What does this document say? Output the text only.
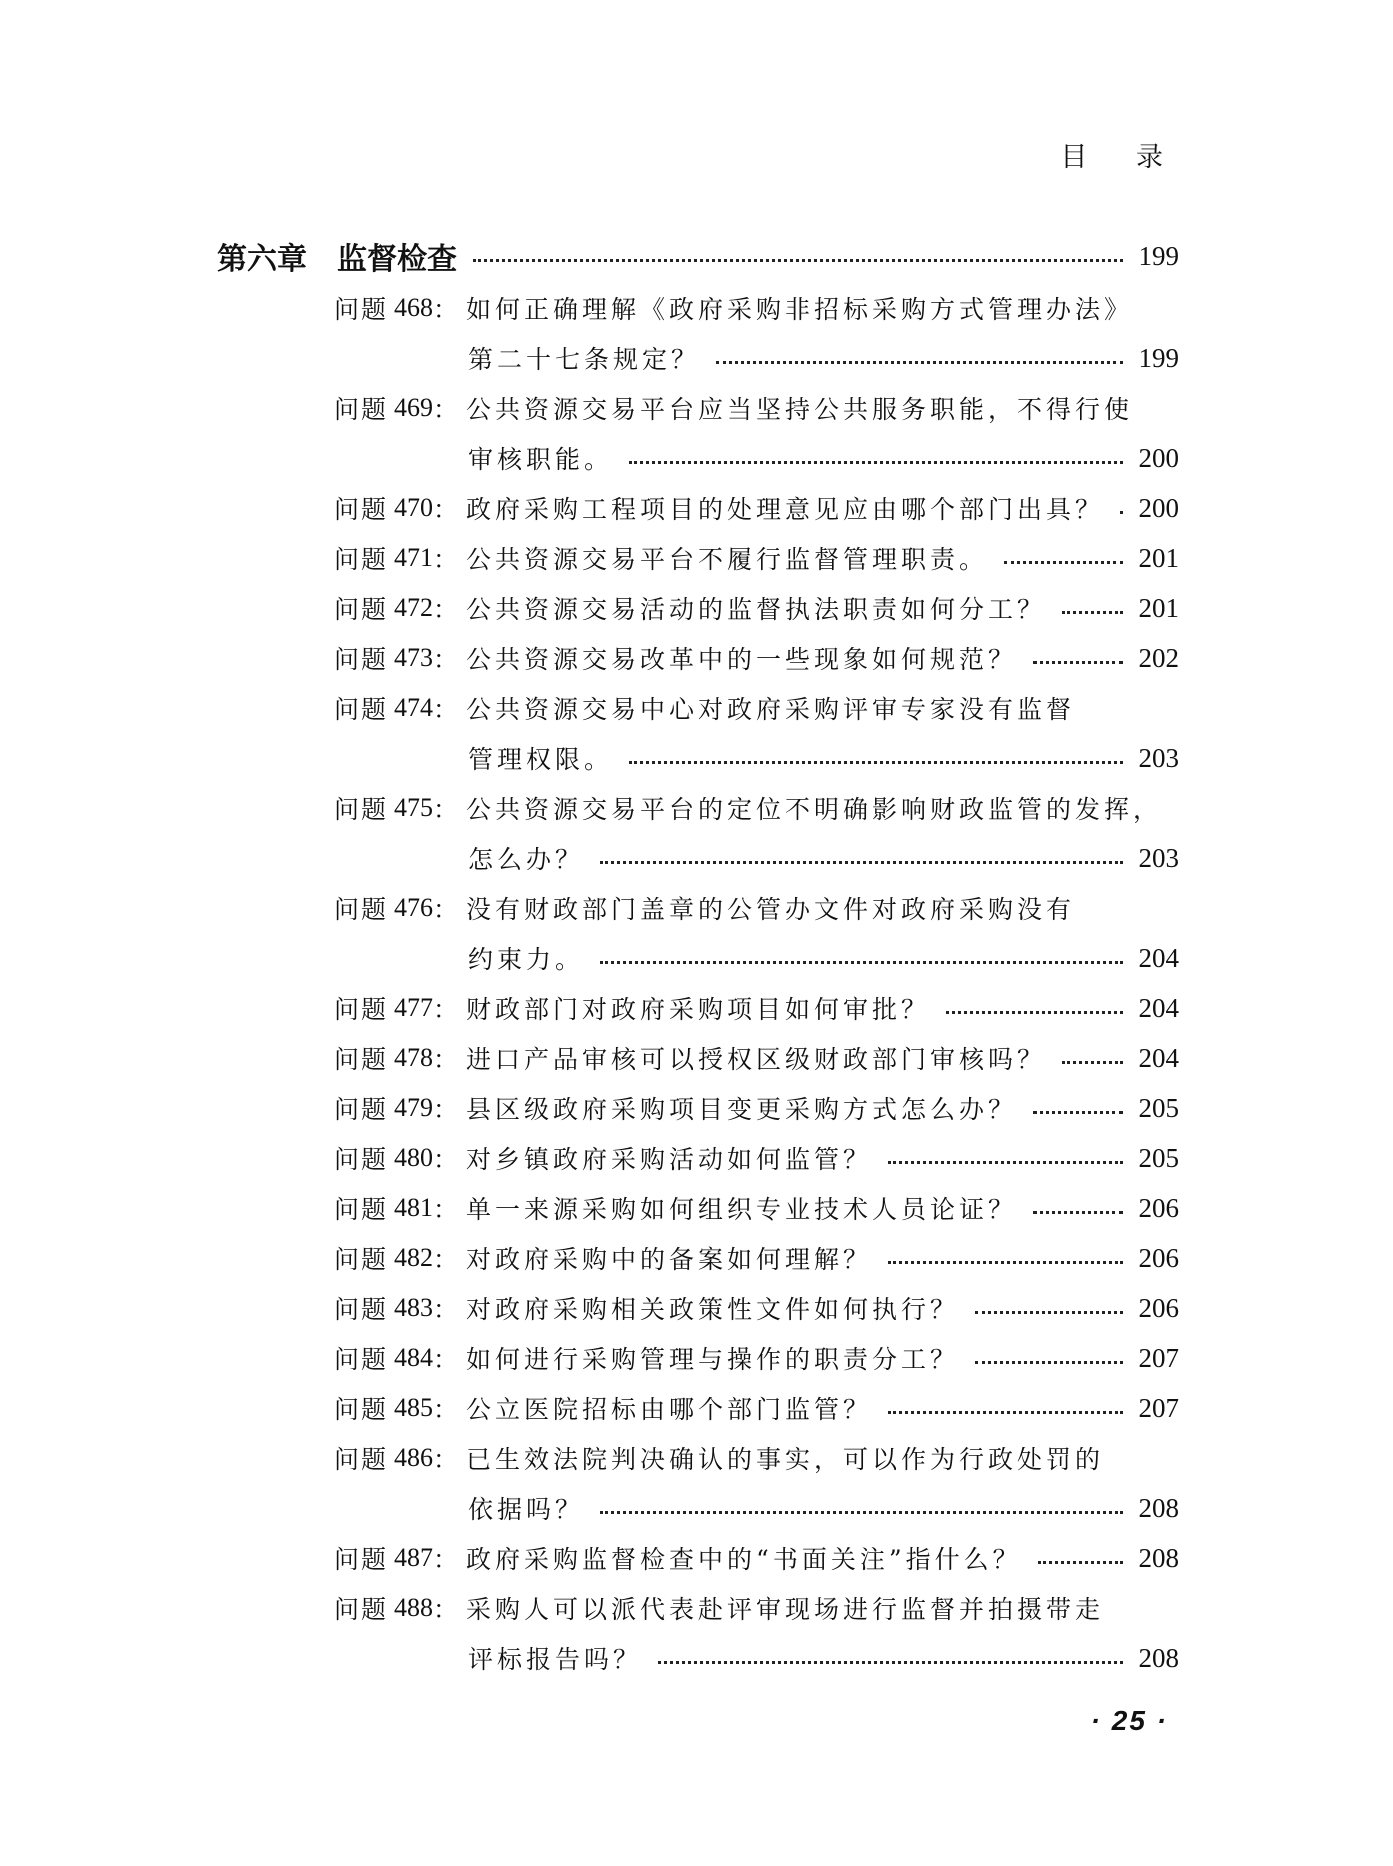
目 录
第六章 监督检查	199
问题 468 ： 如何正确理解《政府采购非招标采购方式管理办法》
第二十七条规定？	199
问题 469 ： 公共资源交易平台应当坚持公共服务职能，不得行使
审核职能。	200
问题 470 ： 政府采购工程项目的处理意见应由哪个部门出具？ 200
问题 471 ： 公共资源交易平台不履行监督管理职责。	201
问题 472 ： 公共资源交易活动的监督执法职责如何分工？	201
问题 473 ： 公共资源交易改革中的一些现象如何规范？	202
问题 474 ： 公共资源交易中心对政府采购评审专家没有监督
管理权限。	203
问题 475 ： 公共资源交易平台的定位不明确影响财政监管的发挥，
怎么办？	203
问题 476 ： 没有财政部门盖章的公管办文件对政府采购没有
约束力。	204
问题 477 ： 财政部门对政府采购项目如何审批？	204
问题 478 ： 进口产品审核可以授权区级财政部门审核吗？	204
问题 479 ： 县区级政府采购项目变更采购方式怎么办？	205
问题 480 ： 对乡镇政府采购活动如何监管？	205
问题 481 ： 单一来源采购如何组织专业技术人员论证？	206
问题 482 ： 对政府采购中的备案如何理解？	206
问题 483 ： 对政府采购相关政策性文件如何执行？	206
问题 484 ： 如何进行采购管理与操作的职责分工？	207
问题 485 ： 公立医院招标由哪个部门监管？	207
问题 486 ： 已生效法院判决确认的事实，可以作为行政处罚的
依据吗？	208
问题 487 ： 政府采购监督检查中的“书面关注”指什么？	208
问题 488 ： 采购人可以派代表赴评审现场进行监督并拍摄带走
评标报告吗？	208
· 25 ·
